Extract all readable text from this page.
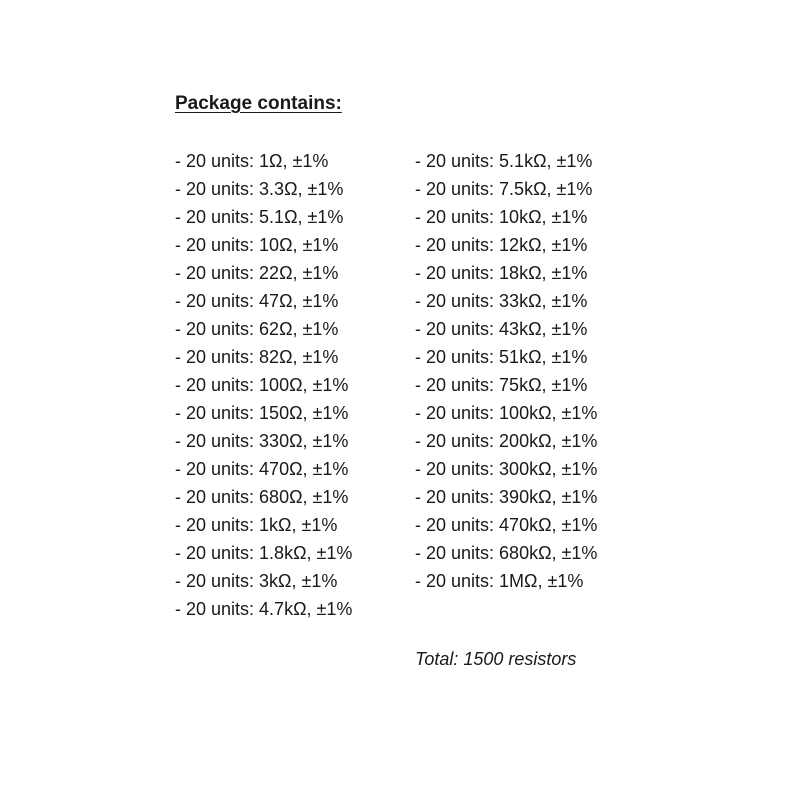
Package contains:
- 20 units: 1Ω, ±1%
- 20 units: 3.3Ω, ±1%
- 20 units: 5.1Ω, ±1%
- 20 units: 10Ω, ±1%
- 20 units: 22Ω, ±1%
- 20 units: 47Ω, ±1%
- 20 units: 62Ω, ±1%
- 20 units: 82Ω, ±1%
- 20 units: 100Ω, ±1%
- 20 units: 150Ω, ±1%
- 20 units: 330Ω, ±1%
- 20 units: 470Ω, ±1%
- 20 units: 680Ω, ±1%
- 20 units: 1kΩ, ±1%
- 20 units: 1.8kΩ, ±1%
- 20 units: 3kΩ, ±1%
- 20 units: 4.7kΩ, ±1%
- 20 units: 5.1kΩ, ±1%
- 20 units: 7.5kΩ, ±1%
- 20 units: 10kΩ, ±1%
- 20 units: 12kΩ, ±1%
- 20 units: 18kΩ, ±1%
- 20 units: 33kΩ, ±1%
- 20 units: 43kΩ, ±1%
- 20 units: 51kΩ, ±1%
- 20 units: 75kΩ, ±1%
- 20 units: 100kΩ, ±1%
- 20 units: 200kΩ, ±1%
- 20 units: 300kΩ, ±1%
- 20 units: 390kΩ, ±1%
- 20 units: 470kΩ, ±1%
- 20 units: 680kΩ, ±1%
- 20 units: 1MΩ, ±1%
Total: 1500 resistors
